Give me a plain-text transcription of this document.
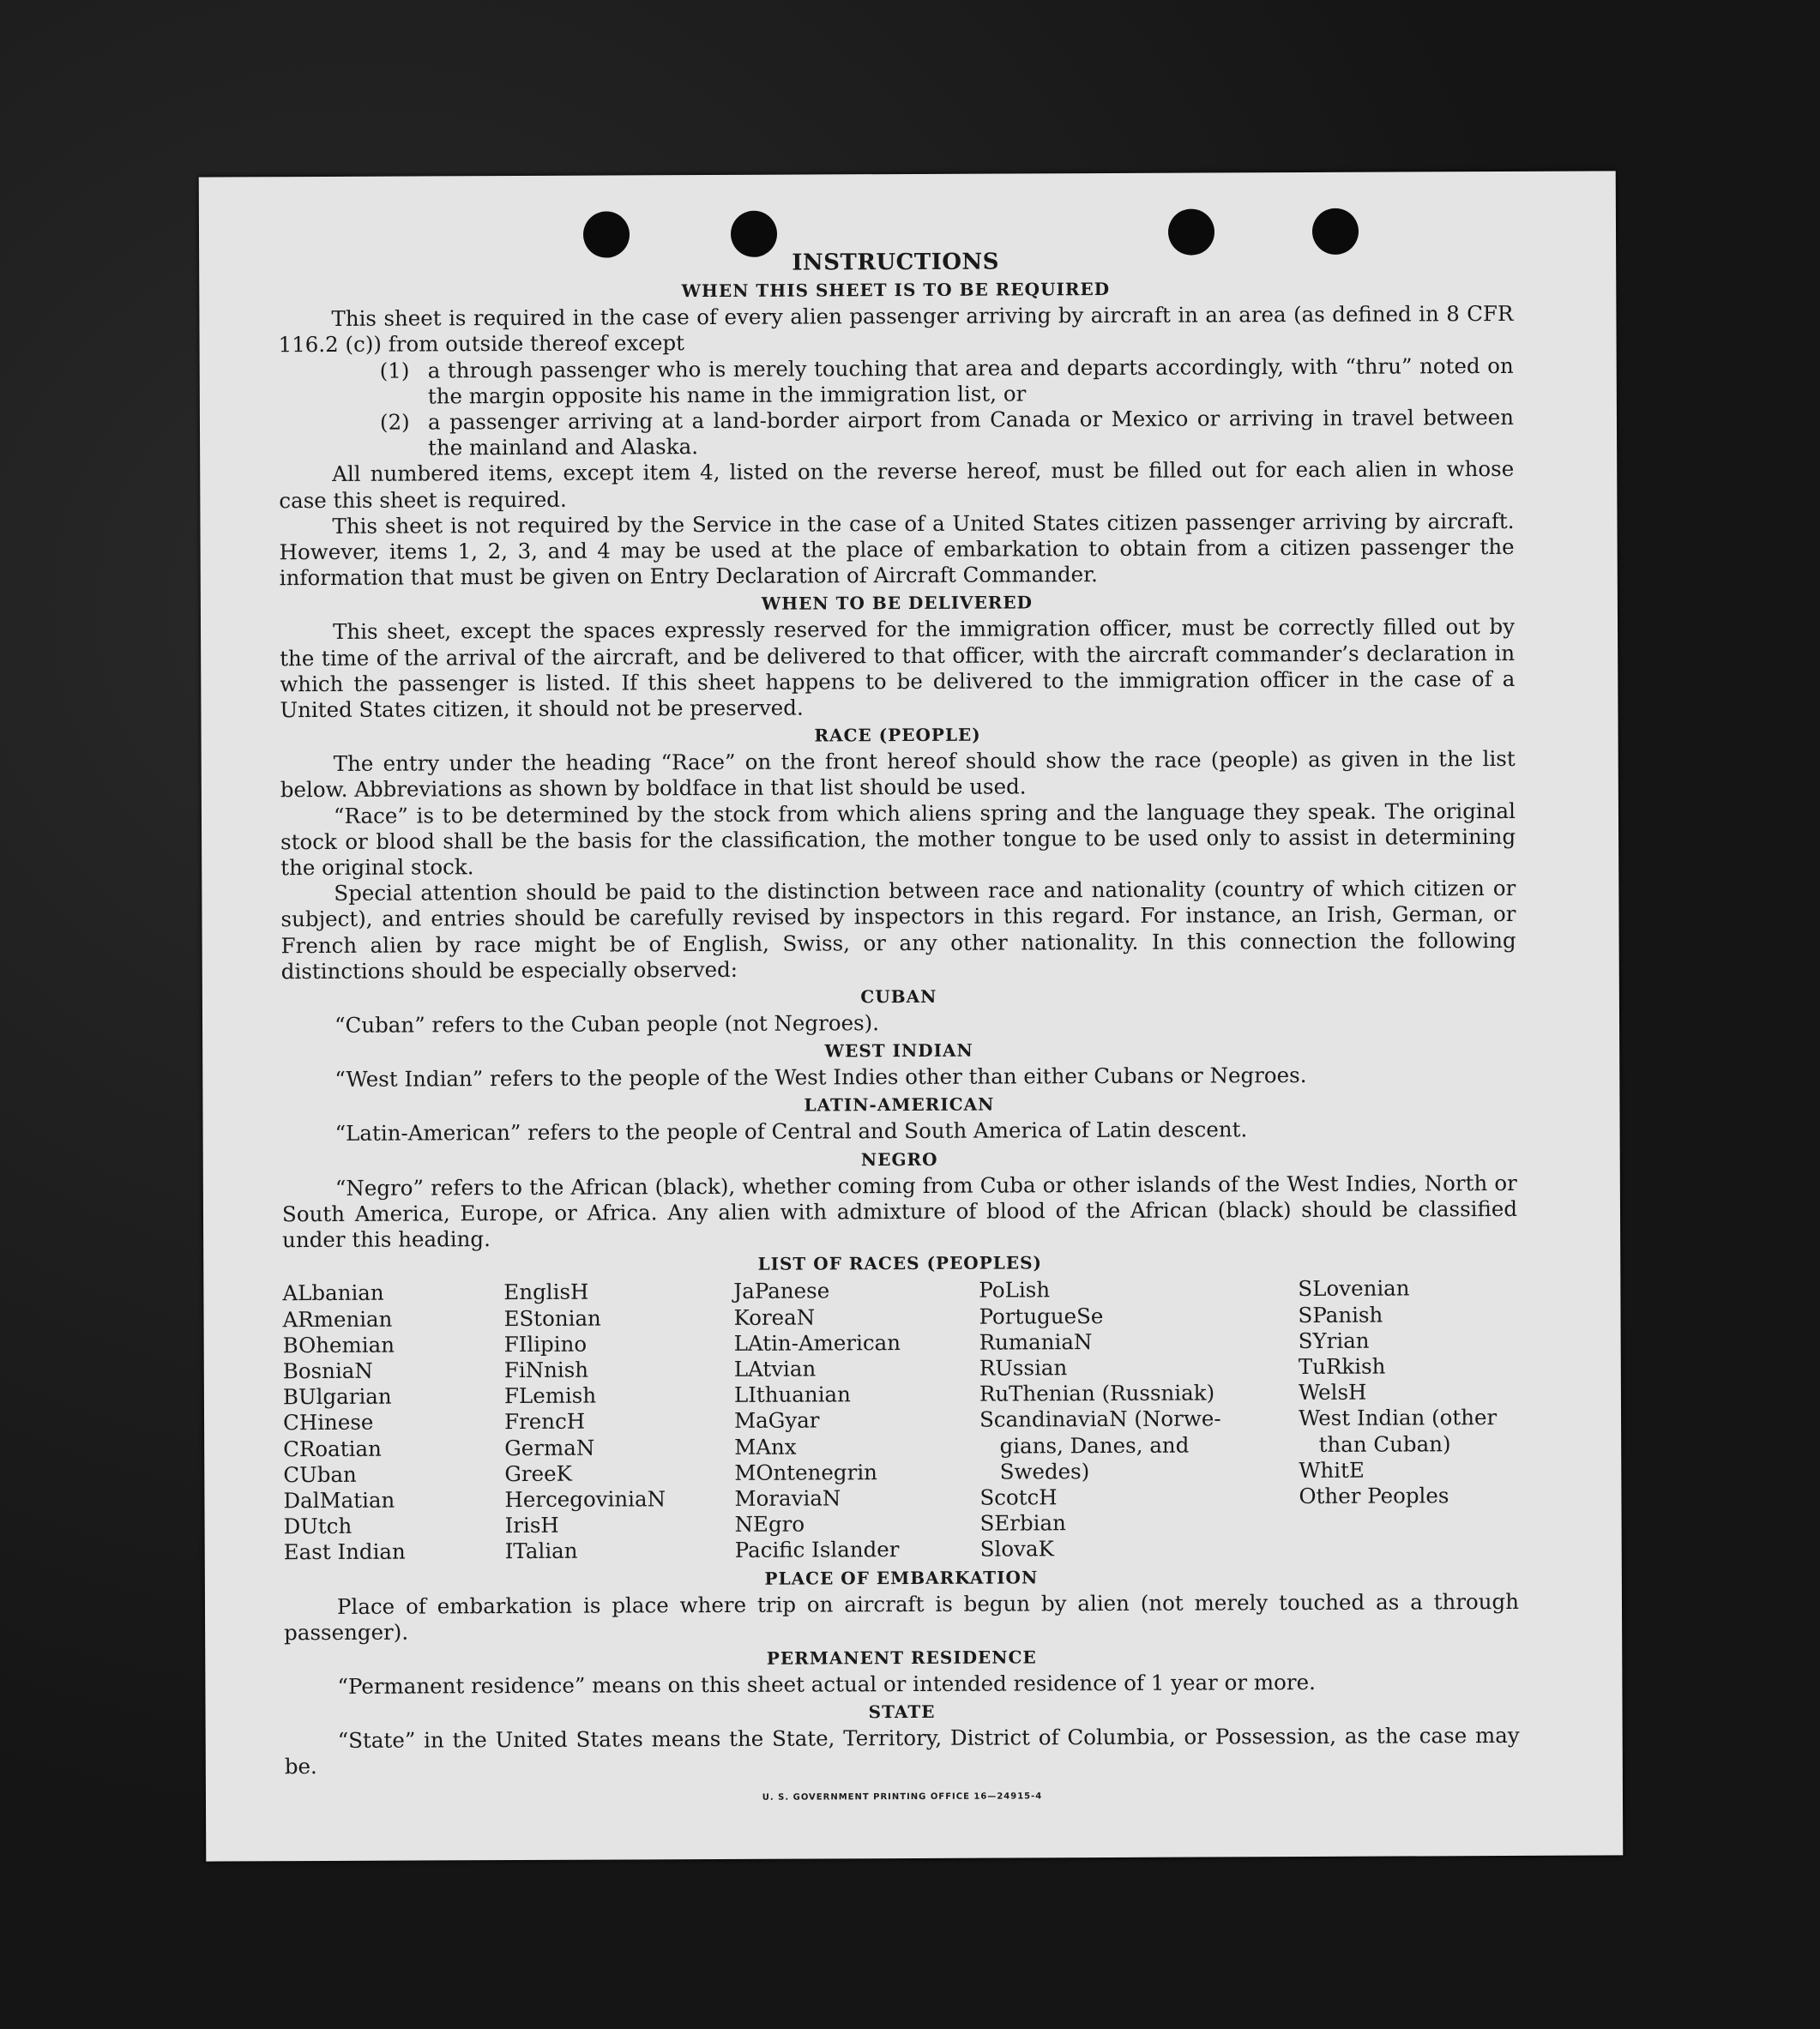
INSTRUCTIONS
WHEN THIS SHEET IS TO BE REQUIRED

This sheet is required in the case of every alien passenger arriving by aircraft in an area (as defined in 8 CFR 116.2 (c)) from outside thereof except

(1) a through passenger who is merely touching that area and departs accordingly, with “thru” noted on the margin opposite his name in the immigration list, or
(2) a passenger arriving at a land-border airport from Canada or Mexico or arriving in travel between the mainland and Alaska.

All numbered items, except item 4, listed on the reverse hereof, must be filled out for each alien in whose case this sheet is required.

This sheet is not required by the Service in the case of a United States citizen passenger arriving by aircraft. However, items 1, 2, 3, and 4 may be used at the place of embarkation to obtain from a citizen passenger the information that must be given on Entry Declaration of Aircraft Commander.

WHEN TO BE DELIVERED

This sheet, except the spaces expressly reserved for the immigration officer, must be correctly filled out by the time of the arrival of the aircraft, and be delivered to that officer, with the aircraft commander’s declaration in which the passenger is listed. If this sheet happens to be delivered to the immigration officer in the case of a United States citizen, it should not be preserved.

RACE (PEOPLE)

The entry under the heading “Race” on the front hereof should show the race (people) as given in the list below. Abbreviations as shown by boldface in that list should be used.

“Race” is to be determined by the stock from which aliens spring and the language they speak. The original stock or blood shall be the basis for the classification, the mother tongue to be used only to assist in determining the original stock.

Special attention should be paid to the distinction between race and nationality (country of which citizen or subject), and entries should be carefully revised by inspectors in this regard. For instance, an Irish, German, or French alien by race might be of English, Swiss, or any other nationality. In this connection the following distinctions should be especially observed:

CUBAN
“Cuban” refers to the Cuban people (not Negroes).
WEST INDIAN
“West Indian” refers to the people of the West Indies other than either Cubans or Negroes.
LATIN-AMERICAN
“Latin-American” refers to the people of Central and South America of Latin descent.
NEGRO

“Negro” refers to the African (black), whether coming from Cuba or other islands of the West Indies, North or South America, Europe, or Africa. Any alien with admixture of blood of the African (black) should be classified under this heading.

LIST OF RACES (PEOPLES)
ALbanian
ARmenian
BOhemian
BosniaN
BUlgarian
CHinese
CRoatian
CUban
DalMatian
DUtch
East Indian
EnglisH
EStonian
FIlipino
FiNnish
FLemish
FrencH
GermaN
GreeK
HercegoviniaN
IrisH
ITalian
JaPanese
KoreaN
LAtin-American
LAtvian
LIthuanian
MaGyar
MAnx
MOntenegrin
MoraviaN
NEgro
Pacific Islander
PoLish
PortugueSe
RumaniaN
RUssian
RuThenian (Russniak)
ScandinaviaN (Norwe-
gians, Danes, and
Swedes)
ScotcH
SErbian
SlovaK
SLovenian
SPanish
SYrian
TuRkish
WelsH
West Indian (other
than Cuban)
WhitE
Other Peoples
PLACE OF EMBARKATION

Place of embarkation is place where trip on aircraft is begun by alien (not merely touched as a through passenger).

PERMANENT RESIDENCE
“Permanent residence” means on this sheet actual or intended residence of 1 year or more.
STATE

“State” in the United States means the State, Territory, District of Columbia, or Possession, as the case may be.

U. S. GOVERNMENT PRINTING OFFICE 16—24915-4
